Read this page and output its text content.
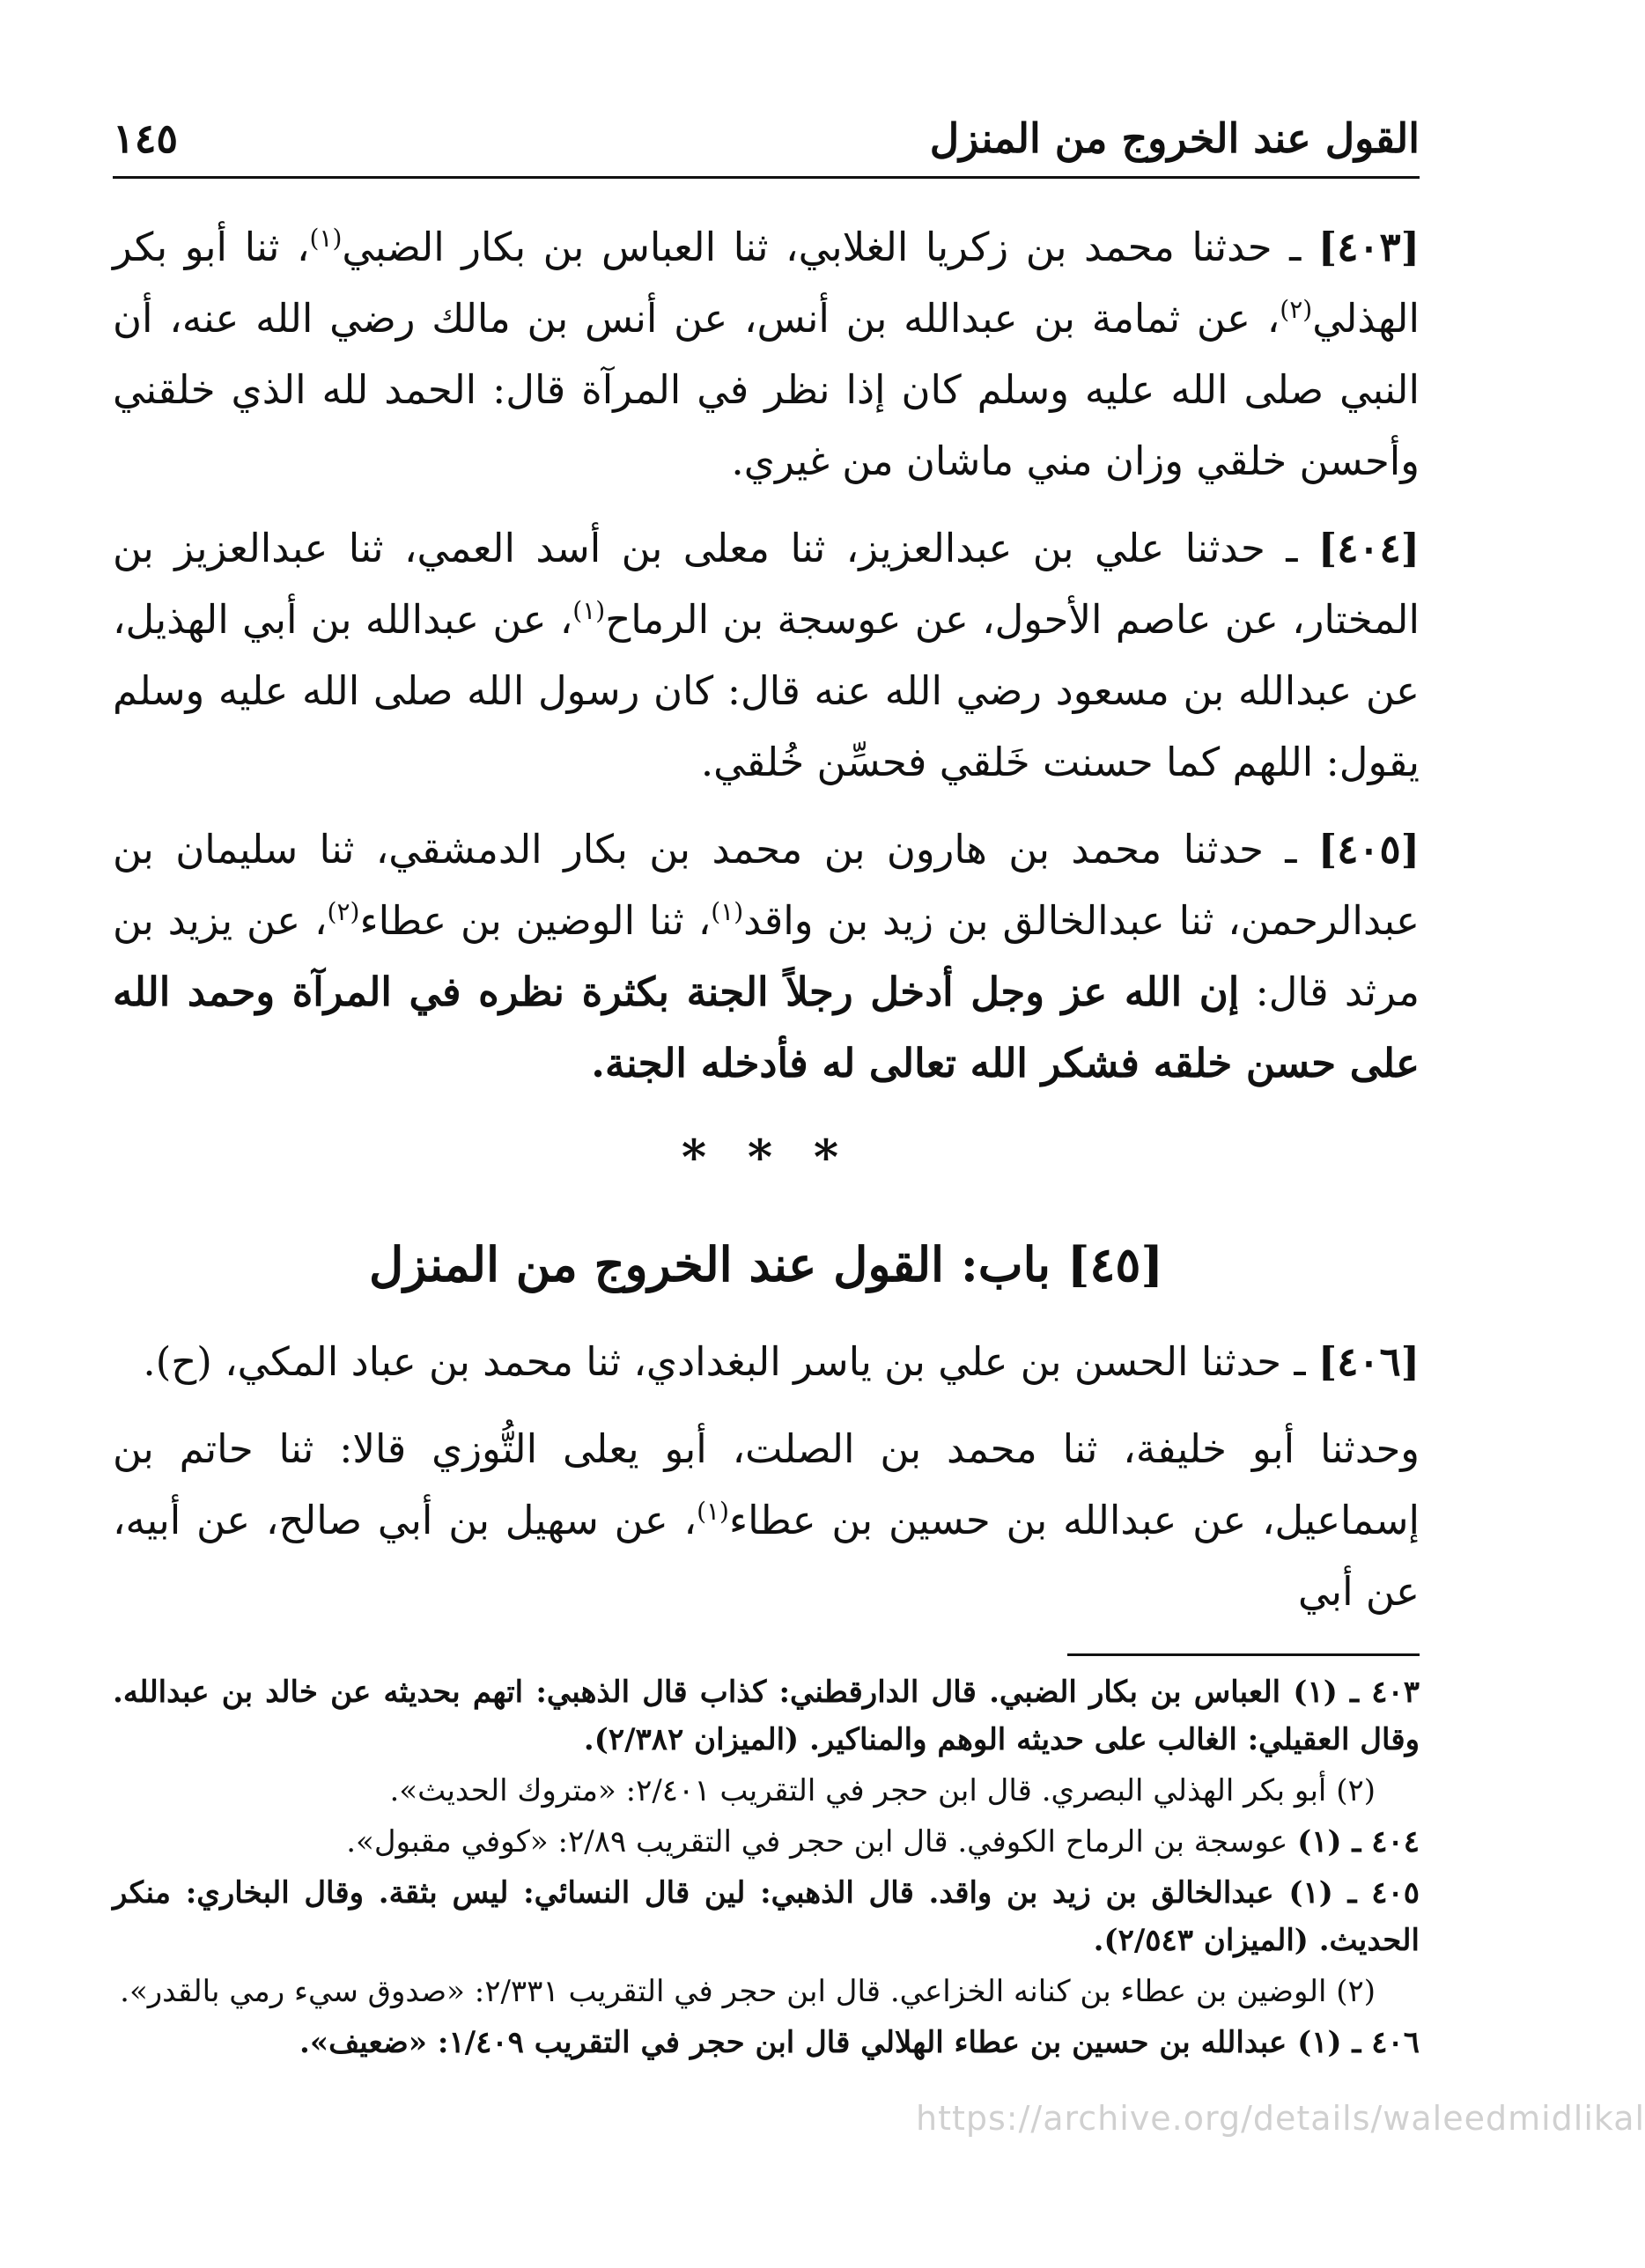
القول عند الخروج من المنزل
١٤٥

[٤٠٣] ـ حدثنا محمد بن زكريا الغلابي، ثنا العباس بن بكار الضبي$^{(١)}$، ثنا أبو بكر الهذلي$^{(٢)}$، عن ثمامة بن عبدالله بن أنس، عن أنس بن مالك رضي الله عنه، أن النبي صلى الله عليه وسلم كان إذا نظر في المرآة قال: الحمد لله الذي خلقني وأحسن خلقي وزان مني ماشان من غيري.

[٤٠٤] ـ حدثنا علي بن عبدالعزيز، ثنا معلى بن أسد العمي، ثنا عبدالعزيز بن المختار، عن عاصم الأحول، عن عوسجة بن الرماح$^{(١)}$، عن عبدالله بن أبي الهذيل، عن عبدالله بن مسعود رضي الله عنه قال: كان رسول الله صلى الله عليه وسلم يقول: اللهم كما حسنت خَلقي فحسِّن خُلقي.

[٤٠٥] ـ حدثنا محمد بن هارون بن محمد بن بكار الدمشقي، ثنا سليمان بن عبدالرحمن، ثنا عبدالخالق بن زيد بن واقد$^{(١)}$، ثنا الوضين بن عطاء$^{(٢)}$، عن يزيد بن مرثد قال: إن الله عز وجل أدخل رجلاً الجنة بكثرة نظره في المرآة وحمد الله على حسن خلقه فشكر الله تعالى له فأدخله الجنة.

* * *
[٤٥] باب: القول عند الخروج من المنزل

[٤٠٦] ـ حدثنا الحسن بن علي بن ياسر البغدادي، ثنا محمد بن عباد المكي، (ح).

وحدثنا أبو خليفة، ثنا محمد بن الصلت، أبو يعلى التُّوزي قالا: ثنا حاتم بن إسماعيل، عن عبدالله بن حسين بن عطاء$^{(١)}$، عن سهيل بن أبي صالح، عن أبيه، عن أبي

٤٠٣ ـ (١) العباس بن بكار الضبي. قال الدارقطني: كذاب قال الذهبي: اتهم بحديثه عن خالد بن عبدالله. وقال العقيلي: الغالب على حديثه الوهم والمناكير. (الميزان ٢/٣٨٢).

(٢) أبو بكر الهذلي البصري. قال ابن حجر في التقريب ٢/٤٠١: «متروك الحديث».

٤٠٤ ـ (١) عوسجة بن الرماح الكوفي. قال ابن حجر في التقريب ٢/٨٩: «كوفي مقبول».

٤٠٥ ـ (١) عبدالخالق بن زيد بن واقد. قال الذهبي: لين قال النسائي: ليس بثقة. وقال البخاري: منكر الحديث. (الميزان ٢/٥٤٣).

(٢) الوضين بن عطاء بن كنانه الخزاعي. قال ابن حجر في التقريب ٢/٣٣١: «صدوق سيء رمي بالقدر».

٤٠٦ ـ (١) عبدالله بن حسين بن عطاء الهلالي قال ابن حجر في التقريب ١/٤٠٩: «ضعيف».

https://archive.org/details/waleedmidlikal
